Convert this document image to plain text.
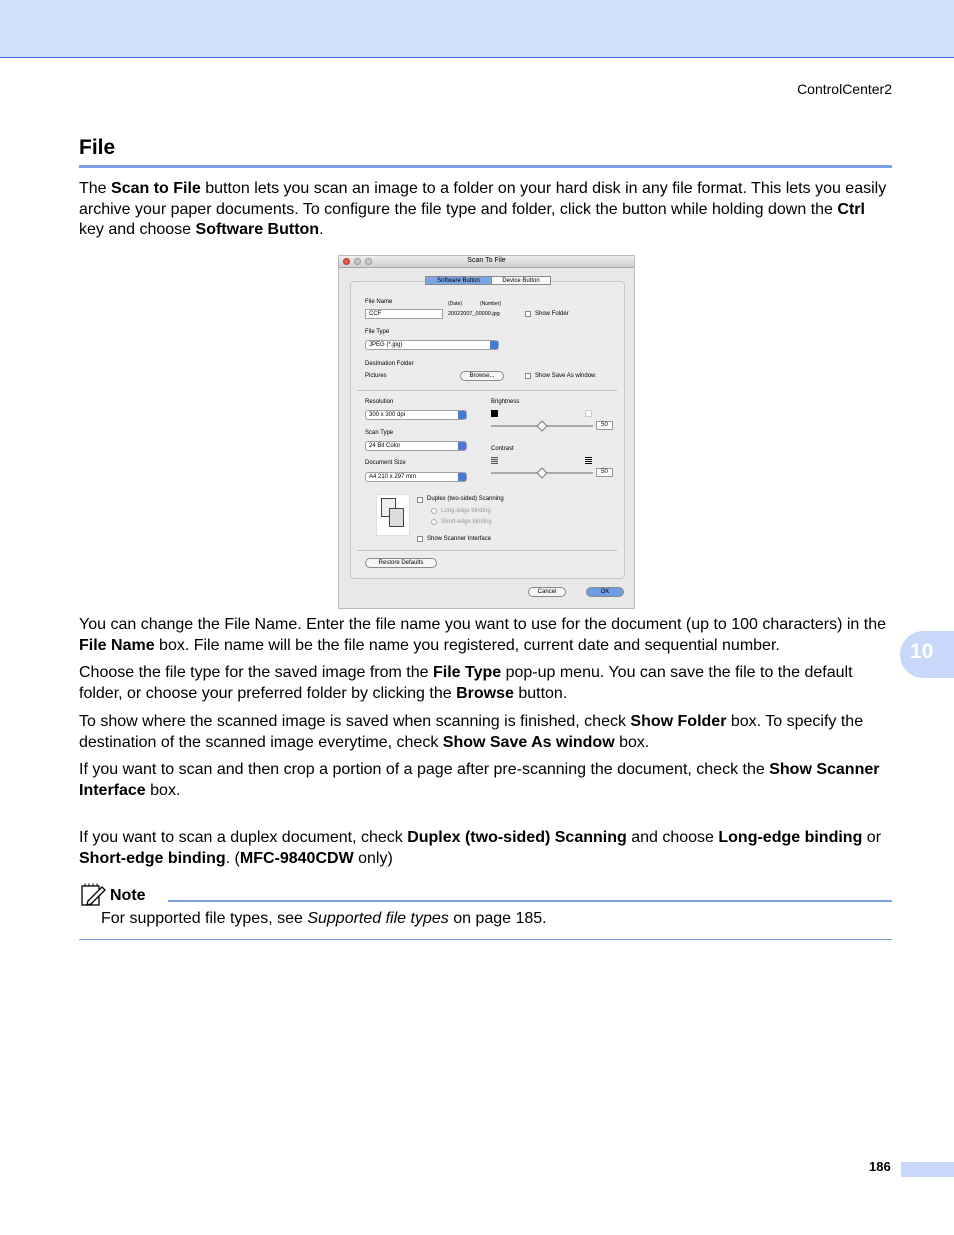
ControlCenter2
File
The Scan to File button lets you scan an image to a folder on your hard disk in any file format. This lets you easily archive your paper documents. To configure the file type and folder, click the button while holding down the Ctrl key and choose Software Button.
Scan To File
Software Button	Device Button
File Name	(Date)	(Number)
CCF	20022007_00000.jpg	Show Folder
File Type
JPEG (*.jpg)
Destination Folder
Pictures	Browse...	Show Save As window
Resolution
300 x 300 dpi
Scan Type
24 Bit Color
Document Size
A4 210 x 297 mm
Brightness
50
Contrast
50
Duplex (two-sided) Scanning
Long-edge binding
Short-edge binding
Show Scanner Interface
Restore Defaults
Cancel	OK
You can change the File Name. Enter the file name you want to use for the document (up to 100 characters) in the File Name box. File name will be the file name you registered, current date and sequential number.	10
Choose the file type for the saved image from the File Type pop-up menu. You can save the file to the default folder, or choose your preferred folder by clicking the Browse button.
To show where the scanned image is saved when scanning is finished, check Show Folder box. To specify the destination of the scanned image everytime, check Show Save As window box.
If you want to scan and then crop a portion of a page after pre-scanning the document, check the Show Scanner Interface box.
If you want to scan a duplex document, check Duplex (two-sided) Scanning and choose Long-edge binding or Short-edge binding. (MFC-9840CDW only)
Note
For supported file types, see Supported file types on page 185.
186
